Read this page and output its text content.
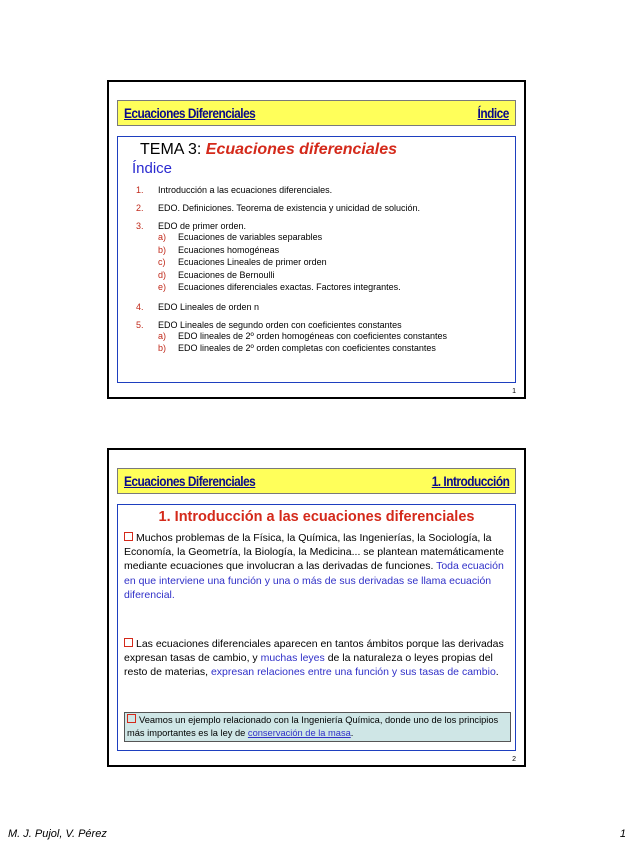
Ecuaciones Diferenciales	Índice
TEMA 3: Ecuaciones diferenciales
Índice
1.	Introducción a las ecuaciones diferenciales.
2.	EDO. Definiciones. Teorema de existencia y unicidad de solución.
3.	EDO de primer orden.
a)	Ecuaciones de variables separables
b)	Ecuaciones homogéneas
c)	Ecuaciones Lineales de primer orden
d)	Ecuaciones de Bernoulli
e)	Ecuaciones diferenciales exactas. Factores integrantes.
4.	EDO Lineales de orden n
5.	EDO Lineales de segundo orden con coeficientes constantes
a)	EDO lineales de 2º orden homogéneas con coeficientes constantes
b)	EDO lineales de 2º orden completas con coeficientes constantes
1
Ecuaciones Diferenciales	1. Introducción
1. Introducción a las ecuaciones diferenciales
Muchos problemas de la Física, la Química, las Ingenierías, la Sociología, la Economía, la Geometría, la Biología, la Medicina... se plantean matemáticamente mediante ecuaciones que involucran a las derivadas de funciones. Toda ecuación en que interviene una función y una o más de sus derivadas se llama ecuación diferencial.
Las ecuaciones diferenciales aparecen en tantos ámbitos porque las derivadas expresan tasas de cambio, y muchas leyes de la naturaleza o leyes propias del resto de materias, expresan relaciones entre una función y sus tasas de cambio.
Veamos un ejemplo relacionado con la Ingeniería Química, donde uno de los principios más importantes es la ley de conservación de la masa.
2
M. J. Pujol, V. Pérez	1
